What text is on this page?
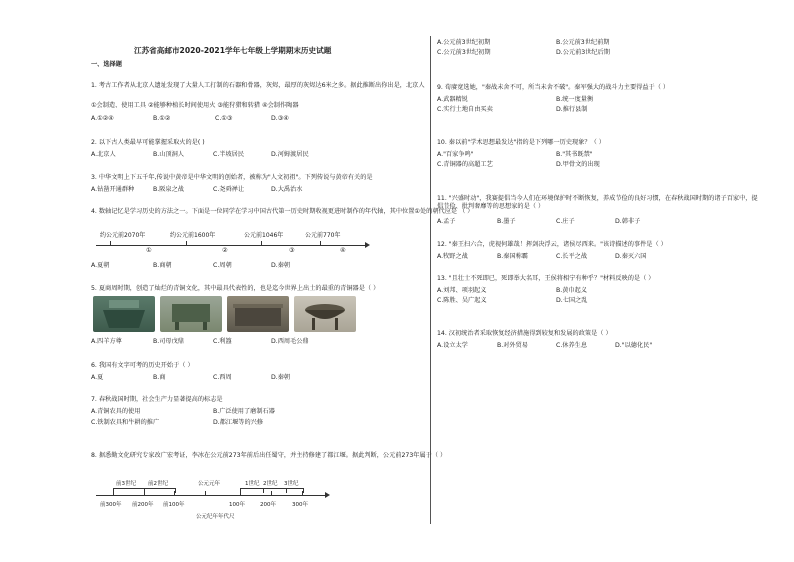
江苏省高邮市2020-2021学年七年级上学期期末历史试题
一、选择题
1. 考古工作者从北京人遗址发现了大量人工打制的石器和骨器，灰烬，最厚的灰烬达6米之多。据此推断出你出是，北京人
①会制造、使用工具 ②能够种植长时间使用火 ③能狩猎和转猎 ④会制作陶器
A.①②④	B.①②	C.①③	D.③④
2. 以下古人类最早可能掌握采取火的是( )
A.北京人	B.山顶洞人	C.半坡居民	D.河姆渡居民
3. 中华文明上下五千年,传说中黄帝是中华文明的创始者，被称为"人文初祖"。下列传说与黄帝有关的是
A.钻凿开通群种	B.阪泉之战	C.尧舜禅让	D.大禹治水
4. 数轴记忆是学习历史的方法之一。下面是一位同学在学习中国古代第一历史时期收视更进时制作的年代轴，其中位置①处的朝代应是 （ ）
约公元前2070年	约公元前1600年	公元前1046年	公元前770年
①	②	③	④
A.夏朝	B.商朝	C.周朝	D.秦朝
5. 夏商周时期，创造了灿烂的青铜文化，其中最具代表性的，也是迄今世界上出土的最重的青铜器是（ ）
A.四羊方尊	B.司母戊鼎	C.利簋	D.西周毛公鼎
6. 我国有文字可考的历史开始于（ ）
A.夏	B.商	C.西周	D.秦朝
7. 春秋战国时期，社会生产力显著提高的标志是
A.青铜农具的使用	B.广泛使用了磨制石器
C.铁制农具和牛耕的推广	D.都江堰等的兴修
8. 据悉勤文化研究专家改广宏考证，李冰在公元前273年前后出任蜀守，并主持修建了都江堰。据此判断，公元前273年属于（ ）
前3世纪 前2世纪	公元元年	1世纪 2世纪 3世纪
前300年 前200年 前100年	100年	200年	300年
公元纪年年代尺
A.公元前3世纪初期	B.公元前3世纪前期
C.公元前3世纪初期	D.公元前3世纪后期
9. 荀赓宽选她，"秦战未舍不可，所当未舍不破"。秦军强大的战斗力主要得益于（ ）
A.武器精锐	B.统一度量衡
C.实行土地自由买卖	D.推行县制
10. 秦以前"学术思想最发达"指的是下列哪一历史现象？（ ）
A."百家争鸣"	B."其书既禁"
C.青铜器的高超工艺	D.甲骨文的出现
11. "兴盛时动"，我赛提倡当今人们在环境保护时不断恢复，养成节俭的良好习惯，在春秋战国时期的诸子百家中，提倡节俭、批判奢靡等的思想家的是（ ）
A.孟子	B.墨子	C.庄子	D.韩非子
12. "秦王扫六合，虎视何雄哉！挥剑决浮云，诸侯尽西来。"该诗描述的事件是（ ）
A.牧野之战	B.秦国称霸	C.长平之战	D.秦灭六国
13. "且壮士不死即已，死即举大名耳，王侯将相宁有种乎？"材料反映的是（ ）
A.刘邦、项羽起义	B.黄巾起义
C.陈胜、吴广起义	D.七国之乱
14. 汉初统治者采取恢复经济措施得到较复和发展的政策是（ ）
A.设立太学	B.对外贸易	C.休养生息	D."以德化民"
